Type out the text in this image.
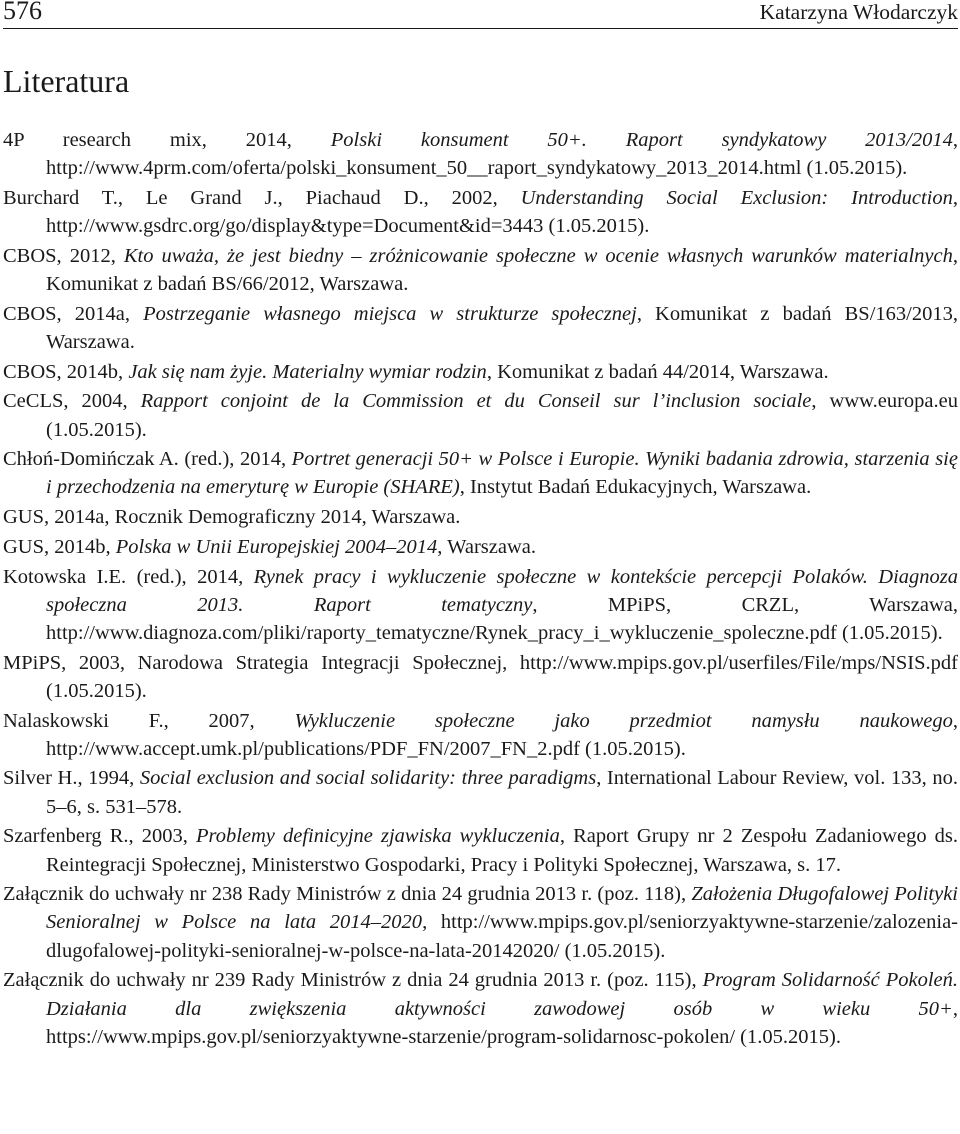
576	Katarzyna Włodarczyk
Literatura

4P research mix, 2014, Polski konsument 50+. Raport syndykatowy 2013/2014, http://www.4prm.com/oferta/polski_konsument_50__raport_syndykatowy_2013_2014.html (1.05.2015).

Burchard T., Le Grand J., Piachaud D., 2002, Understanding Social Exclusion: Introduction, http://www.gsdrc.org/go/display&type=Document&id=3443 (1.05.2015).

CBOS, 2012, Kto uważa, że jest biedny – zróżnicowanie społeczne w ocenie własnych warunków materialnych, Komunikat z badań BS/66/2012, Warszawa.

CBOS, 2014a, Postrzeganie własnego miejsca w strukturze społecznej, Komunikat z badań BS/163/2013, Warszawa.

CBOS, 2014b, Jak się nam żyje. Materialny wymiar rodzin, Komunikat z badań 44/2014, Warszawa.

CeCLS, 2004, Rapport conjoint de la Commission et du Conseil sur l’inclusion sociale, www.europa.eu (1.05.2015).

Chłoń-Domińczak A. (red.), 2014, Portret generacji 50+ w Polsce i Europie. Wyniki badania zdrowia, starzenia się i przechodzenia na emeryturę w Europie (SHARE), Instytut Badań Edukacyjnych, Warszawa.

GUS, 2014a, Rocznik Demograficzny 2014, Warszawa.

GUS, 2014b, Polska w Unii Europejskiej 2004–2014, Warszawa.

Kotowska I.E. (red.), 2014, Rynek pracy i wykluczenie społeczne w kontekście percepcji Polaków. Diagnoza społeczna 2013. Raport tematyczny, MPiPS, CRZL, Warszawa, http://www.diagnoza.com/pliki/raporty_tematyczne/Rynek_pracy_i_wykluczenie_spoleczne.pdf (1.05.2015).

MPiPS, 2003, Narodowa Strategia Integracji Społecznej, http://www.mpips.gov.pl/userfiles/File/mps/NSIS.pdf (1.05.2015).

Nalaskowski F., 2007, Wykluczenie społeczne jako przedmiot namysłu naukowego, http://www.accept.umk.pl/publications/PDF_FN/2007_FN_2.pdf (1.05.2015).

Silver H., 1994, Social exclusion and social solidarity: three paradigms, International Labour Review, vol. 133, no. 5–6, s. 531–578.

Szarfenberg R., 2003, Problemy definicyjne zjawiska wykluczenia, Raport Grupy nr 2 Zespołu Zadaniowego ds. Reintegracji Społecznej, Ministerstwo Gospodarki, Pracy i Polityki Społecznej, Warszawa, s. 17.

Załącznik do uchwały nr 238 Rady Ministrów z dnia 24 grudnia 2013 r. (poz. 118), Założenia Długofalowej Polityki Senioralnej w Polsce na lata 2014–2020, http://www.mpips.gov.pl/seniorzyaktywne-starzenie/zalozenia-dlugofalowej-polityki-senioralnej-w-polsce-na-lata-20142020/ (1.05.2015).

Załącznik do uchwały nr 239 Rady Ministrów z dnia 24 grudnia 2013 r. (poz. 115), Program Solidarność Pokoleń. Działania dla zwiększenia aktywności zawodowej osób w wieku 50+, https://www.mpips.gov.pl/seniorzyaktywne-starzenie/program-solidarnosc-pokolen/ (1.05.2015).
